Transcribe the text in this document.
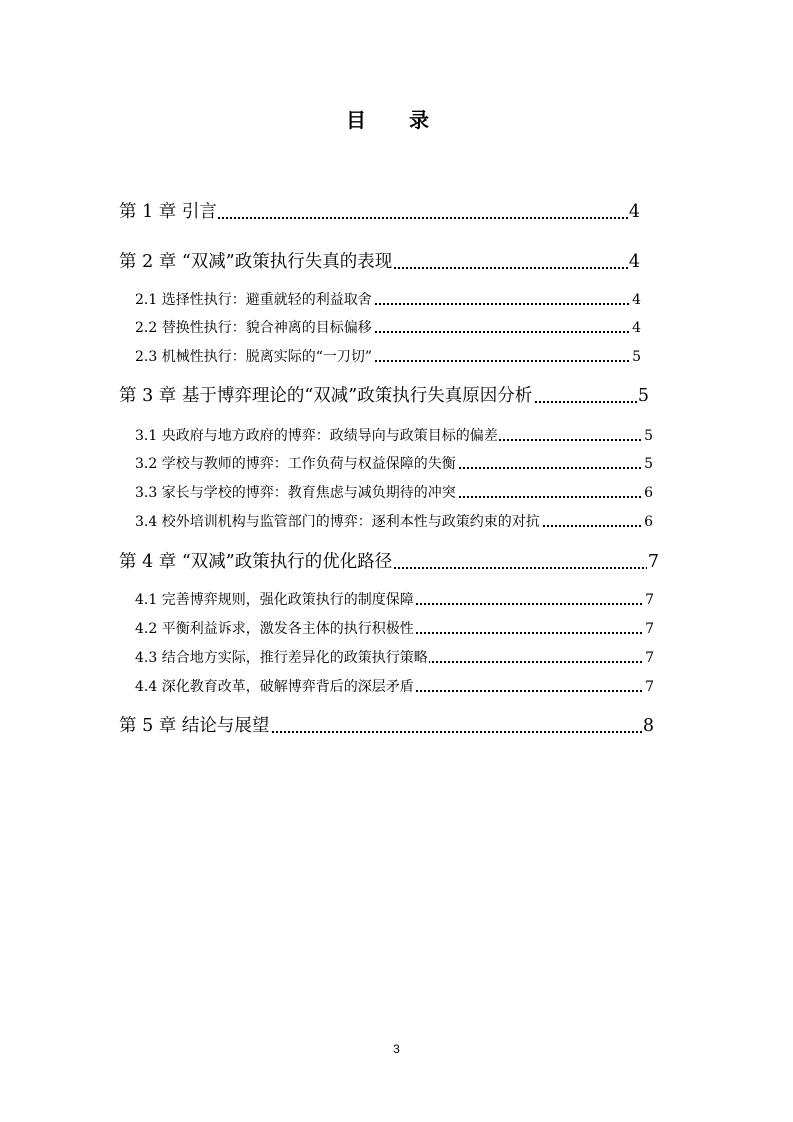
目 录
第 1 章 引言	4
第 2 章 “双减”政策执行失真的表现	4
2.1 选择性执行：避重就轻的利益取舍	4
2.2 替换性执行：貌合神离的目标偏移	4
2.3 机械性执行：脱离实际的“一刀切”	5
第 3 章 基于博弈理论的“双减”政策执行失真原因分析	5
3.1 央政府与地方政府的博弈：政绩导向与政策目标的偏差	5
3.2 学校与教师的博弈：工作负荷与权益保障的失衡	5
3.3 家长与学校的博弈：教育焦虑与减负期待的冲突	6
3.4 校外培训机构与监管部门的博弈：逐利本性与政策约束的对抗	6
第 4 章 “双减”政策执行的优化路径	7
4.1 完善博弈规则，强化政策执行的制度保障	7
4.2 平衡利益诉求，激发各主体的执行积极性	7
4.3 结合地方实际，推行差异化的政策执行策略	7
4.4 深化教育改革，破解博弈背后的深层矛盾	7
第 5 章 结论与展望	8
3
